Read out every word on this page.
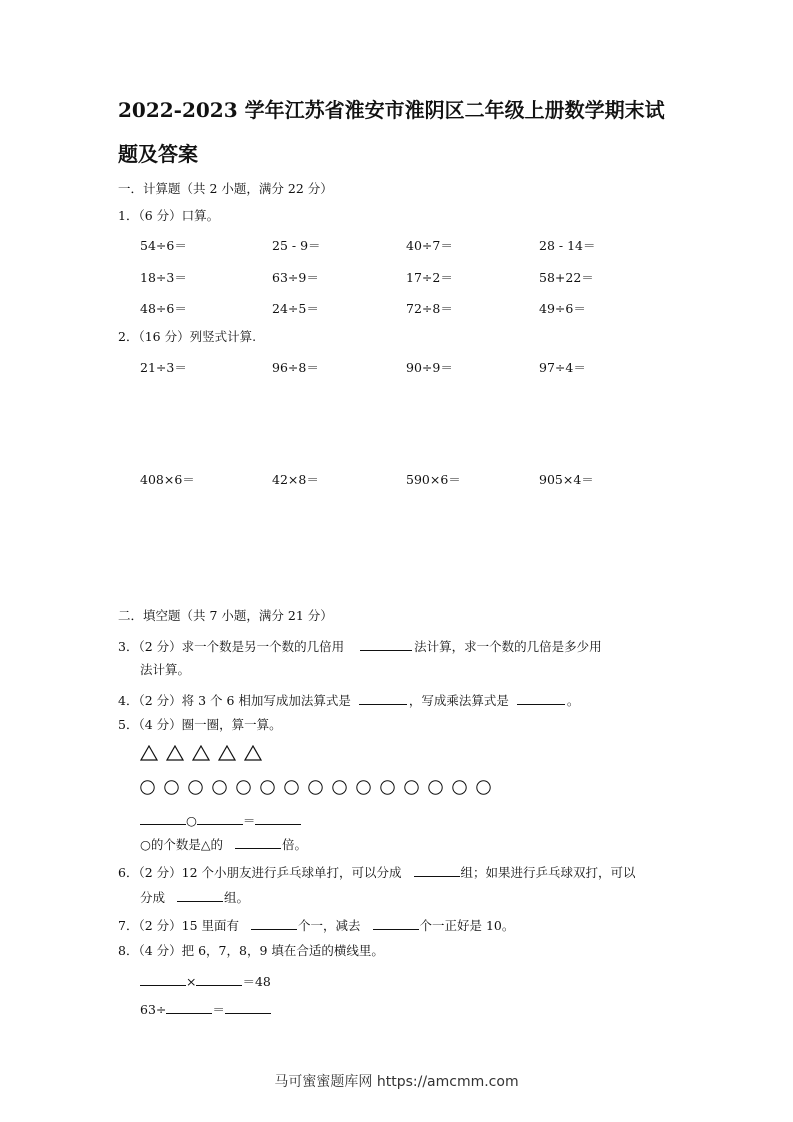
2022-2023 学年江苏省淮安市淮阴区二年级上册数学期末试
题及答案
一．计算题（共 2 小题，满分 22 分）
1．（6 分）口算。
54÷6＝	25 - 9＝	40÷7＝	28 - 14＝
18÷3＝	63÷9＝	17÷2＝	58+22＝
48÷6＝	24÷5＝	72÷8＝	49÷6＝
2．（16 分）列竖式计算.
21÷3＝	96÷8＝	90÷9＝	97÷4＝
408×6＝	42×8＝	590×6＝	905×4＝
二．填空题（共 7 小题，满分 21 分）
3．（2 分）求一个数是另一个数的几倍用	法计算，求一个数的几倍是多少用
法计算。
4．（2 分）将 3 个 6 相加写成加法算式是	，写成乘法算式是	。
5．（4 分）圈一圈，算一算。
○	＝
○的个数是△的	倍。
6．（2 分）12 个小朋友进行乒乓球单打，可以分成	组；如果进行乒乓球双打，可以
分成	组。
7．（2 分）15 里面有	个一，减去	个一正好是 10。
8．（4 分）把 6，7，8，9 填在合适的横线里。
×	＝48
63÷	＝
马可蜜蜜题库网 https://amcmm.com
